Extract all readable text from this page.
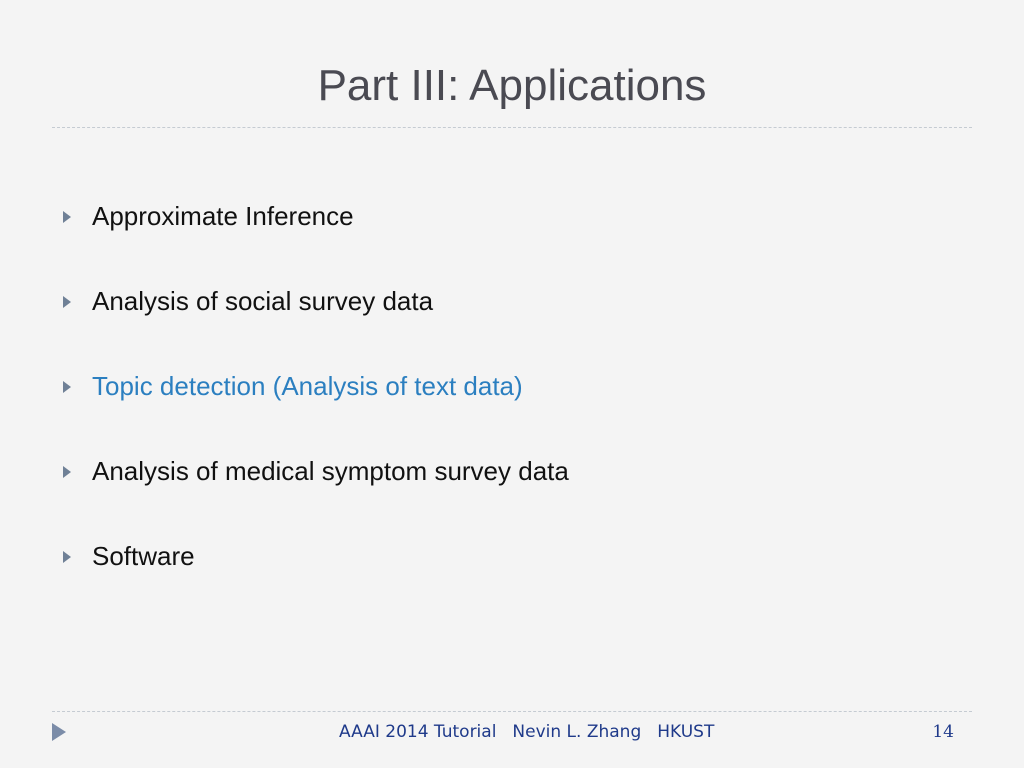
Part III: Applications
Approximate Inference
Analysis of social survey data
Topic detection (Analysis of text data)
Analysis of medical symptom survey data
Software
AAAI 2014 Tutorial Nevin L. Zhang HKUST	14
